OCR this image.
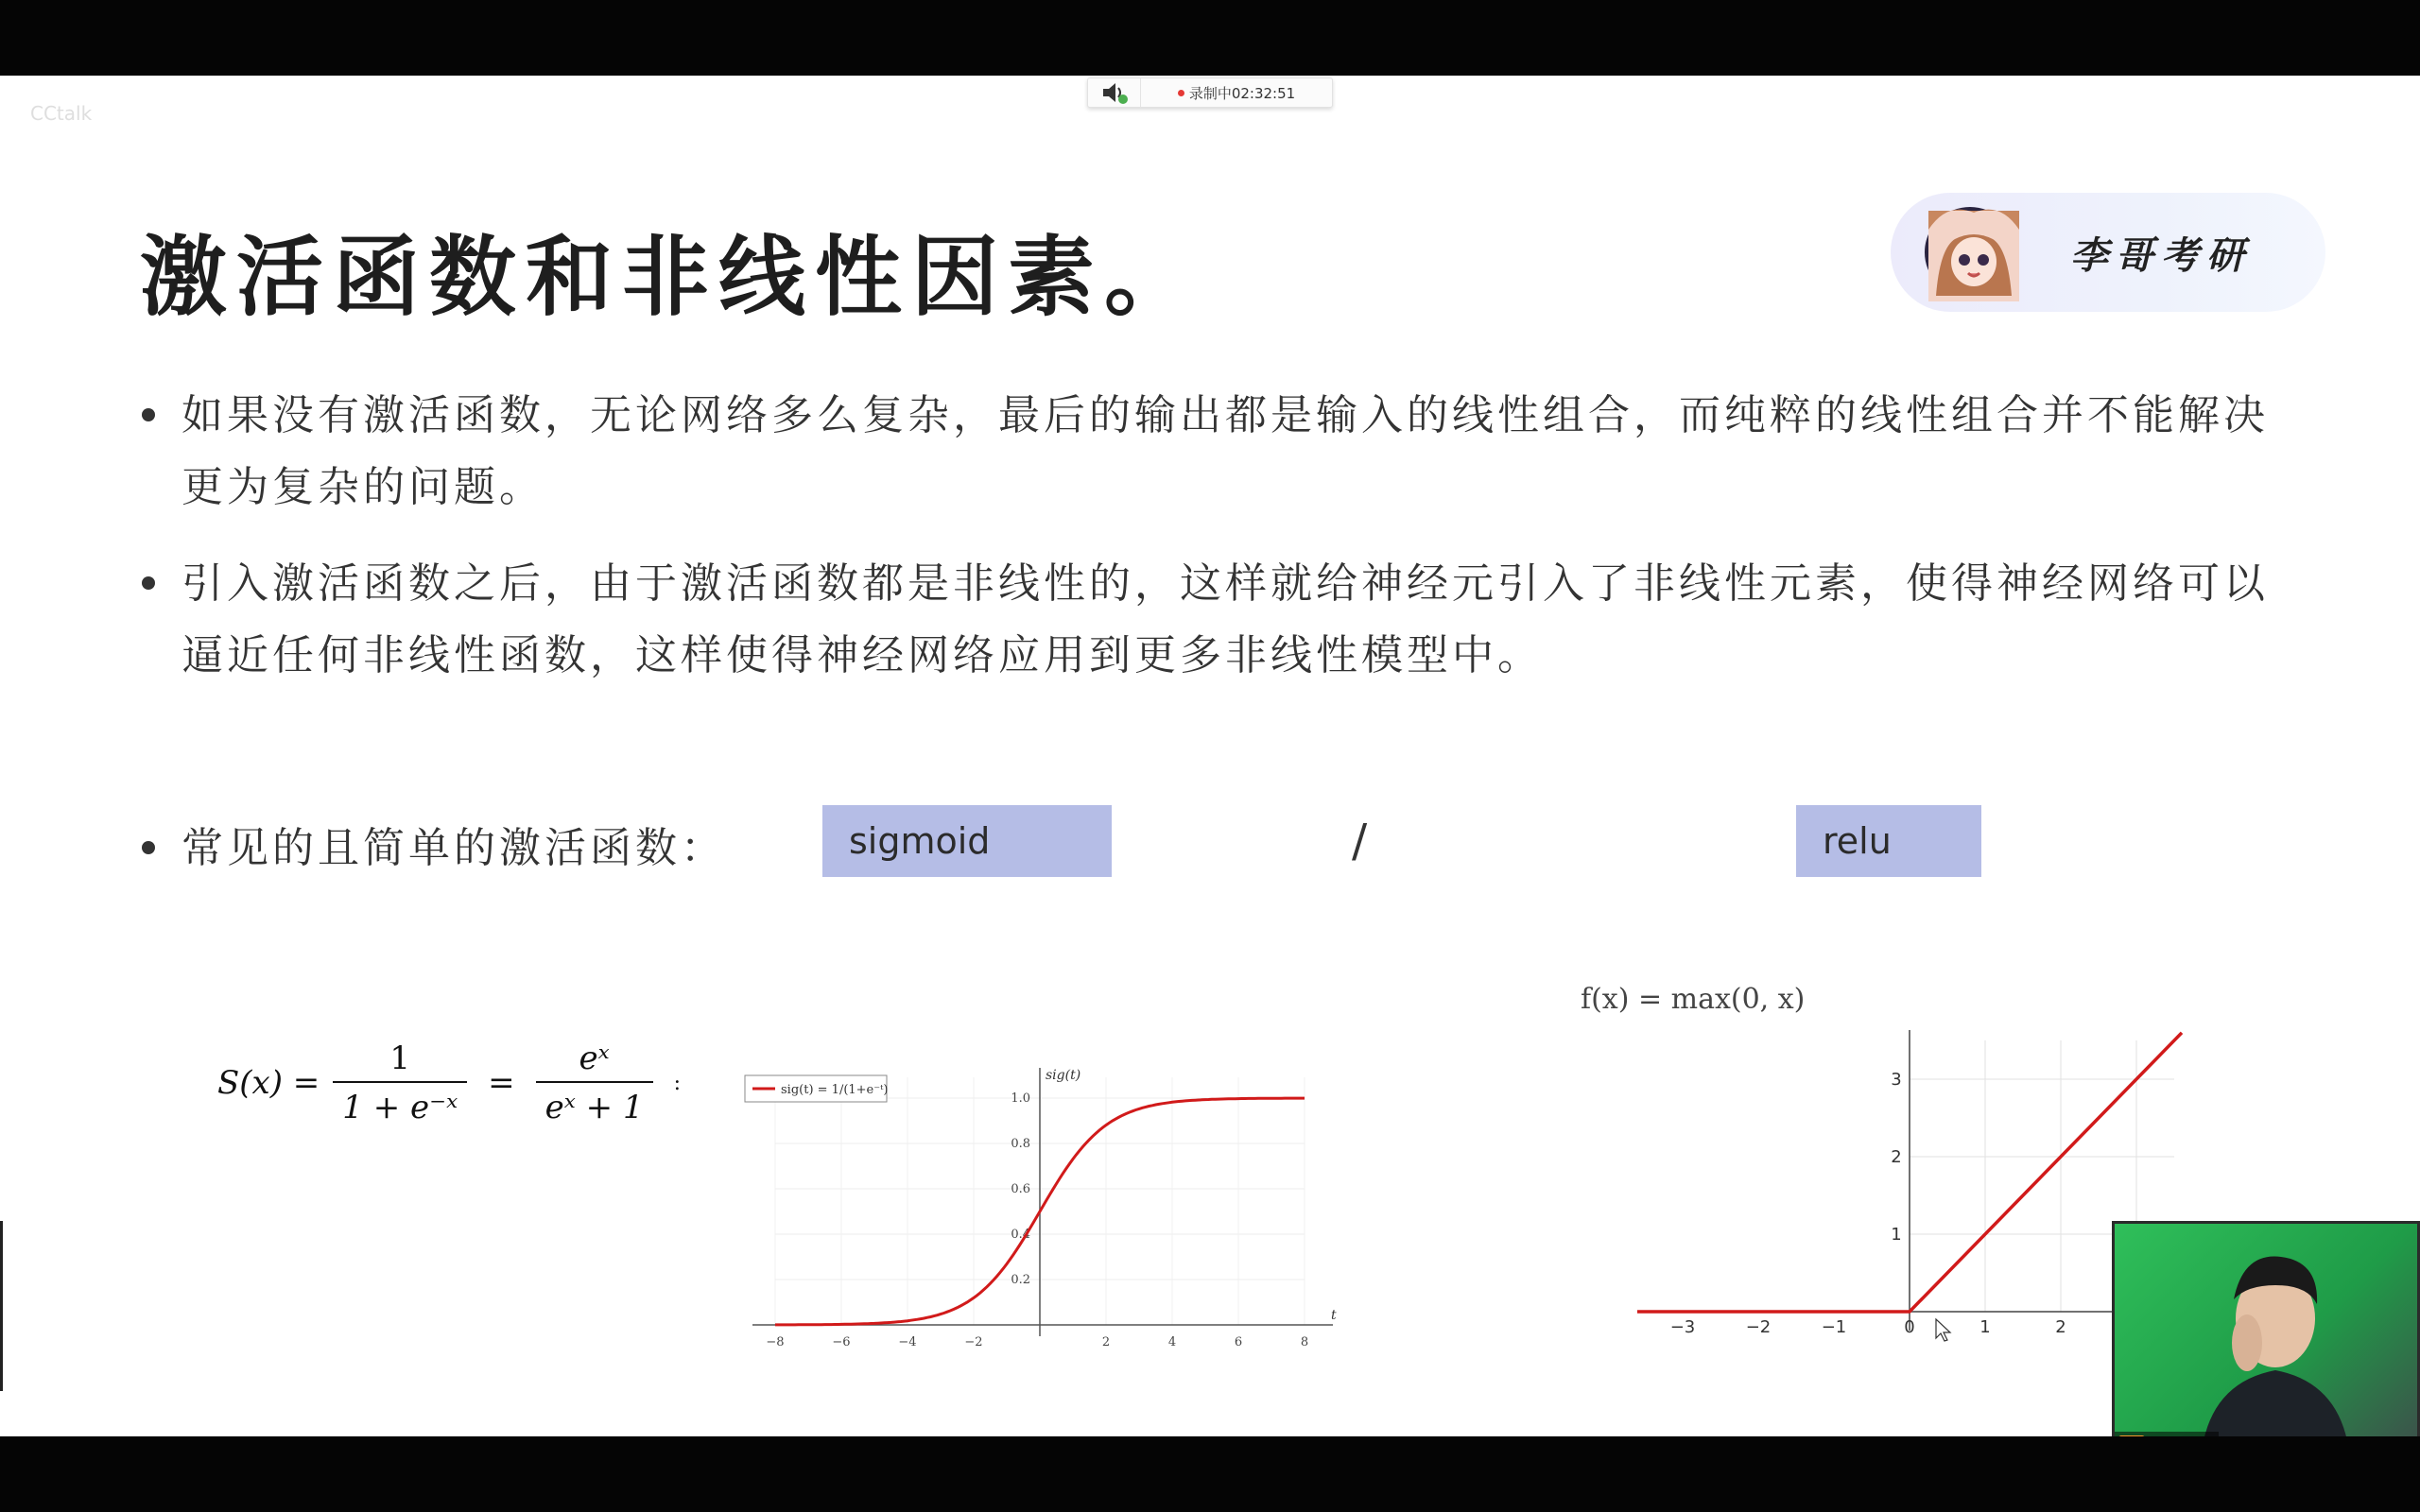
CCtalk
录制中02:32:51
激活函数和非线性因素。	李哥考研
如果没有激活函数，无论网络多么复杂，最后的输出都是输入的线性组合，而纯粹的线性组合并不能解决更为复杂的问题。
引入激活函数之后，由于激活函数都是非线性的，这样就给神经元引入了非线性元素，使得神经网络可以逼近任何非线性函数，这样使得神经网络应用到更多非线性模型中。
常见的且简单的激活函数：	sigmoid	/	relu
$S(x) = \frac{1}{\text{1 + e⁻ˣ}} = \frac{\text{eˣ}}{\text{eˣ + 1}}$ :
−8	−6	−4	−2	2	4	6	8
0.2
0.4
0.6
0.8
1.0
sig(t)
t
sig(t) = 1/(1+e⁻ᵗ)
f(x) = max(0, x)
−3	−2	−1	0	1	2
1
2
3
